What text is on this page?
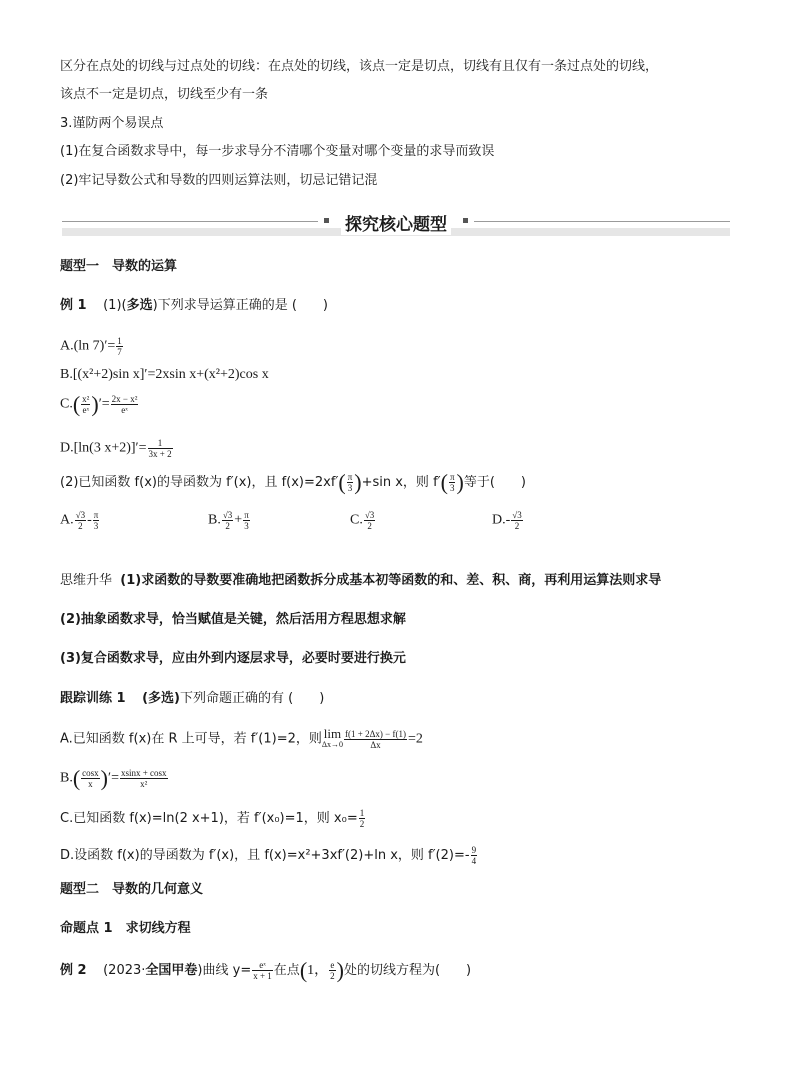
区分在点处的切线与过点处的切线：在点处的切线，该点一定是切点，切线有且仅有一条过点处的切线，
该点不一定是切点，切线至少有一条
3.谨防两个易误点
(1)在复合函数求导中，每一步求导分不清哪个变量对哪个变量的求导而致误
(2)牢记导数公式和导数的四则运算法则，切忌记错记混
探究核心题型
题型一　导数的运算
例 1 (1)(多选)下列求导运算正确的是 (　　)
A.(ln $7)'= \frac{1}{7}$
B.[(x²+2)sin x]′=2xsin x+(x²+2)cos x
$C.( \frac{\text{x²}}{\text{eˣ}}$ )′= $\frac{\text{2x − x²}}{\text{eˣ}}$
D.[ln(3 $x+2)]'= \frac{1}{3x + 2}$
(2)已知函数 f(x)的导函数为 f′(x)，且 $f(x)=2xf'( \frac{\pi}{3} )+\sin$ x，则 $f'( \frac{\pi}{3}$ )等于(　　)
A. $\frac{√3}{2} - \frac{\pi}{3}$	B. $\frac{√3}{2} + \frac{\pi}{3}$	C. $\frac{√3}{2}$	$D.- \frac{√3}{2}$
思维升华 (1)求函数的导数要准确地把函数拆分成基本初等函数的和、差、积、商，再利用运算法则求导
(2)抽象函数求导，恰当赋值是关键，然后活用方程思想求解
(3)复合函数求导，应由外到内逐层求导，必要时要进行换元
跟踪训练 1 (多选)下列命题正确的有 (　　)
A.已知函数 f(x)在 R 上可导，若 f′(1)=2，则 lim
$\Delta x\to 0 \frac{f(1 + 2\Delta x) - f(1)}{\Delta x} =2$
$B.( \frac{\cos x}{x}$ )′= $\frac{xsinx + \cos x}{\text{x²}}$
C.已知函数 f(x)=ln(2 x+1)，若 f′(x₀)=1，则 $x_0= \frac{1}{2}$
D.设函数 f(x)的导函数为 f′(x)，且 f(x)=x²+3xf′(2)+ln x，则 $f'(2)=- \frac{9}{4}$
题型二　导数的几何意义
命题点 1　求切线方程
例 2 (2023·全国甲卷)曲线 $y= \frac{\text{eˣ}}{x + 1}$ 在点(1， $\frac{e}{2}$ )处的切线方程为(　　)
